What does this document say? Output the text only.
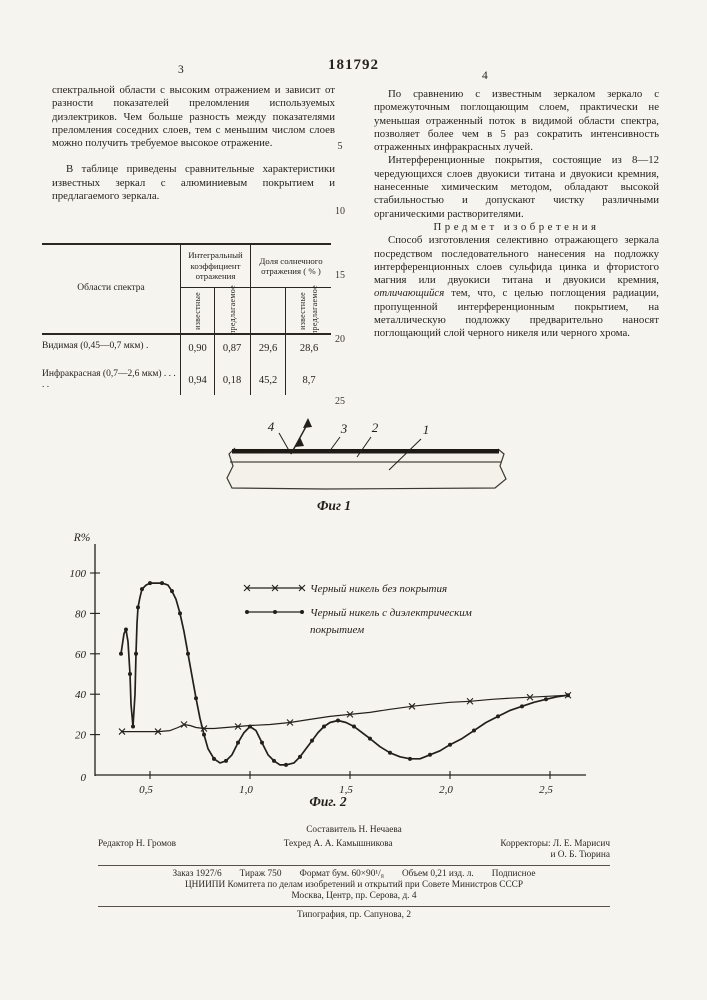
181792
3	4

спектральной области с высоким отражением и зависит от разности показателей преломления используемых диэлектриков. Чем больше разность между показателями преломления соседних слоев, тем с меньшим числом слоев можно получить требуемое высокое отражение.

В таблице приведены сравнительные характеристики известных зеркал с алюминиевым покрытием и предлагаемого зеркала.

По сравнению с известным зеркалом зеркало с промежуточным поглощающим слоем, практически не уменьшая отраженный поток в видимой области спектра, позволяет более чем в 5 раз сократить интенсивность отраженных инфракрасных лучей.

Интерференционные покрытия, состоящие из 8—12 чередующихся слоев двуокиси титана и двуокиси кремния, нанесенные химическим методом, обладают высокой стабильностью и допускают чистку различными органическими растворителями.

Предмет изобретения

Способ изготовления селективно отражающего зеркала посредством последовательного нанесения на подложку интерференционных слоев сульфида цинка и фтористого магния или двуокиси титана и двуокиси кремния, отличающийся тем, что, с целью поглощения радиации, пропущенной интерференционным покрытием, на металлическую подложку предварительно наносят поглощающий слой черного никеля или черного хрома.

5
10
15
20
25
Области спектра
Интегральный коэффициент отражения
Доля солнечного отражения ( % )
известные	предлагаемое	известные предлагаемое
Видимая (0,45—0,7 мкм) .	0,90	0,87	29,6	28,6
Инфракрасная (0,7—2,6 мкм) . . . . .	0,94	0,18	45,2	8,7
4	3 2	1
Фиг 1
R%
20
40
60
80
100
0
0,5	1,0	1,5	2,0	2,5
Черный никель без покрытия
Черный никель с диэлектрическим
покрытием
Фиг. 2
Составитель Н. Нечаева
Редактор Н. Громов	Техред А. А. Камышникова	Корректоры: Л. Е. Марисич
и О. Б. Тюрина
Заказ 1927/6 Тираж 750 Формат бум. 60×90¹/₈ Объем 0,21 изд. л. Подписное
ЦНИИПИ Комитета по делам изобретений и открытий при Совете Министров СССР
Москва, Центр, пр. Серова, д. 4
Типография, пр. Сапунова, 2
